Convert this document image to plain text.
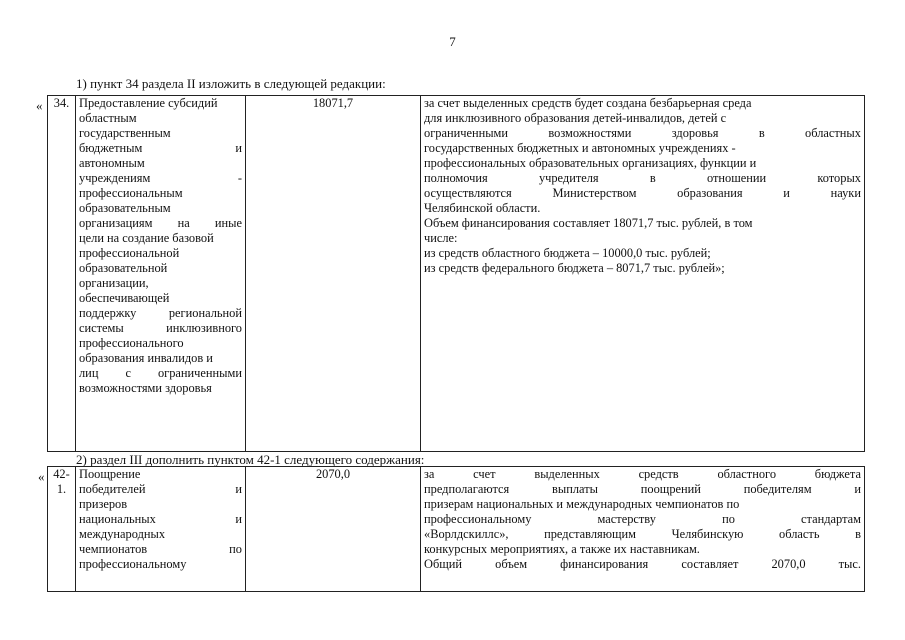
7
1) пункт 34 раздела II изложить в следующей редакции:
« 34.	Предоставление субсидий
областным
государственным
бюджетным	и
автономным
учреждениям	-
профессиональным
образовательным
организациям на иные
цели на создание базовой
профессиональной
образовательной
организации,
обеспечивающей
поддержку	региональной
системы	инклюзивного
профессионального
образования инвалидов и
лиц с ограниченными
возможностями здоровья
	18071,7	за счет выделенных средств будет создана безбарьерная среда
для инклюзивного образования детей-инвалидов, детей с
ограниченными	возможностями	здоровья	в	областных
государственных бюджетных и автономных учреждениях -
профессиональных образовательных организациях, функции и
полномочия	учредителя	в	отношении	которых
осуществляются	Министерством	образования	и	науки
Челябинской области.
Объем финансирования составляет 18071,7 тыс. рублей, в том
числе:
из средств областного бюджета – 10000,0 тыс. рублей;
из средств федерального бюджета – 8071,7 тыс. рублей»;
2) раздел III дополнить пунктом 42-1 следующего содержания:
« 42-1.	
Поощрение
победителей	и
призеров
национальных	и
международных
чемпионатов	по
профессиональному
	2070,0	за	счет	выделенных	средств	областного	бюджета
предполагаются	выплаты	поощрений	победителям	и
призерам национальных и международных чемпионатов по
профессиональному	мастерству	по	стандартам
«Ворлдскиллс»,	представляющим	Челябинскую	область	в
конкурсных мероприятиях, а также их наставникам.
Общий	объем	финансирования	составляет	2070,0	тыс.
